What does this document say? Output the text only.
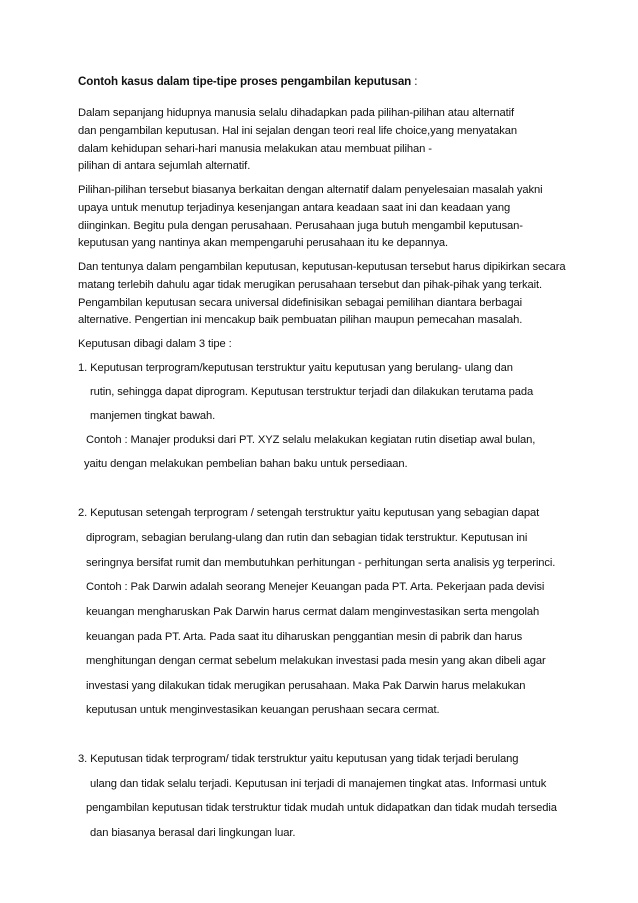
Contoh kasus dalam tipe-tipe proses pengambilan keputusan :
Dalam sepanjang hidupnya manusia selalu dihadapkan pada pilihan-pilihan atau alternatif
dan pengambilan keputusan. Hal ini sejalan dengan teori real life choice,yang menyatakan
dalam kehidupan sehari-hari manusia melakukan atau membuat pilihan -
pilihan di antara sejumlah alternatif.
Pilihan-pilihan tersebut biasanya berkaitan dengan alternatif dalam penyelesaian masalah yakni
upaya untuk menutup terjadinya kesenjangan antara keadaan saat ini dan keadaan yang
diinginkan. Begitu pula dengan perusahaan. Perusahaan juga butuh mengambil keputusan-
keputusan yang nantinya akan mempengaruhi perusahaan itu ke depannya.
Dan tentunya dalam pengambilan keputusan, keputusan-keputusan tersebut harus dipikirkan secara
matang terlebih dahulu agar tidak merugikan perusahaan tersebut dan pihak-pihak yang terkait.
Pengambilan keputusan secara universal didefinisikan sebagai pemilihan diantara berbagai
alternative. Pengertian ini mencakup baik pembuatan pilihan maupun pemecahan masalah.
Keputusan dibagi dalam 3 tipe :
1. Keputusan terprogram/keputusan terstruktur yaitu keputusan yang berulang- ulang dan
rutin, sehingga dapat diprogram. Keputusan terstruktur terjadi dan dilakukan terutama pada
manjemen tingkat bawah.
Contoh : Manajer produksi dari PT. XYZ selalu melakukan kegiatan rutin disetiap awal bulan,
yaitu dengan melakukan pembelian bahan baku untuk persediaan.
2. Keputusan setengah terprogram / setengah terstruktur yaitu keputusan yang sebagian dapat
diprogram, sebagian berulang-ulang dan rutin dan sebagian tidak terstruktur. Keputusan ini
seringnya bersifat rumit dan membutuhkan perhitungan - perhitungan serta analisis yg terperinci.
Contoh : Pak Darwin adalah seorang Menejer Keuangan pada PT. Arta. Pekerjaan pada devisi
keuangan mengharuskan Pak Darwin harus cermat dalam menginvestasikan serta mengolah
keuangan pada PT. Arta. Pada saat itu diharuskan penggantian mesin di pabrik dan harus
menghitungan dengan cermat sebelum melakukan investasi pada mesin yang akan dibeli agar
investasi yang dilakukan tidak merugikan perusahaan. Maka Pak Darwin harus melakukan
keputusan untuk menginvestasikan keuangan perushaan secara cermat.
3. Keputusan tidak terprogram/ tidak terstruktur yaitu keputusan yang tidak terjadi berulang
ulang dan tidak selalu terjadi. Keputusan ini terjadi di manajemen tingkat atas. Informasi untuk
pengambilan keputusan tidak terstruktur tidak mudah untuk didapatkan dan tidak mudah tersedia
dan biasanya berasal dari lingkungan luar.
